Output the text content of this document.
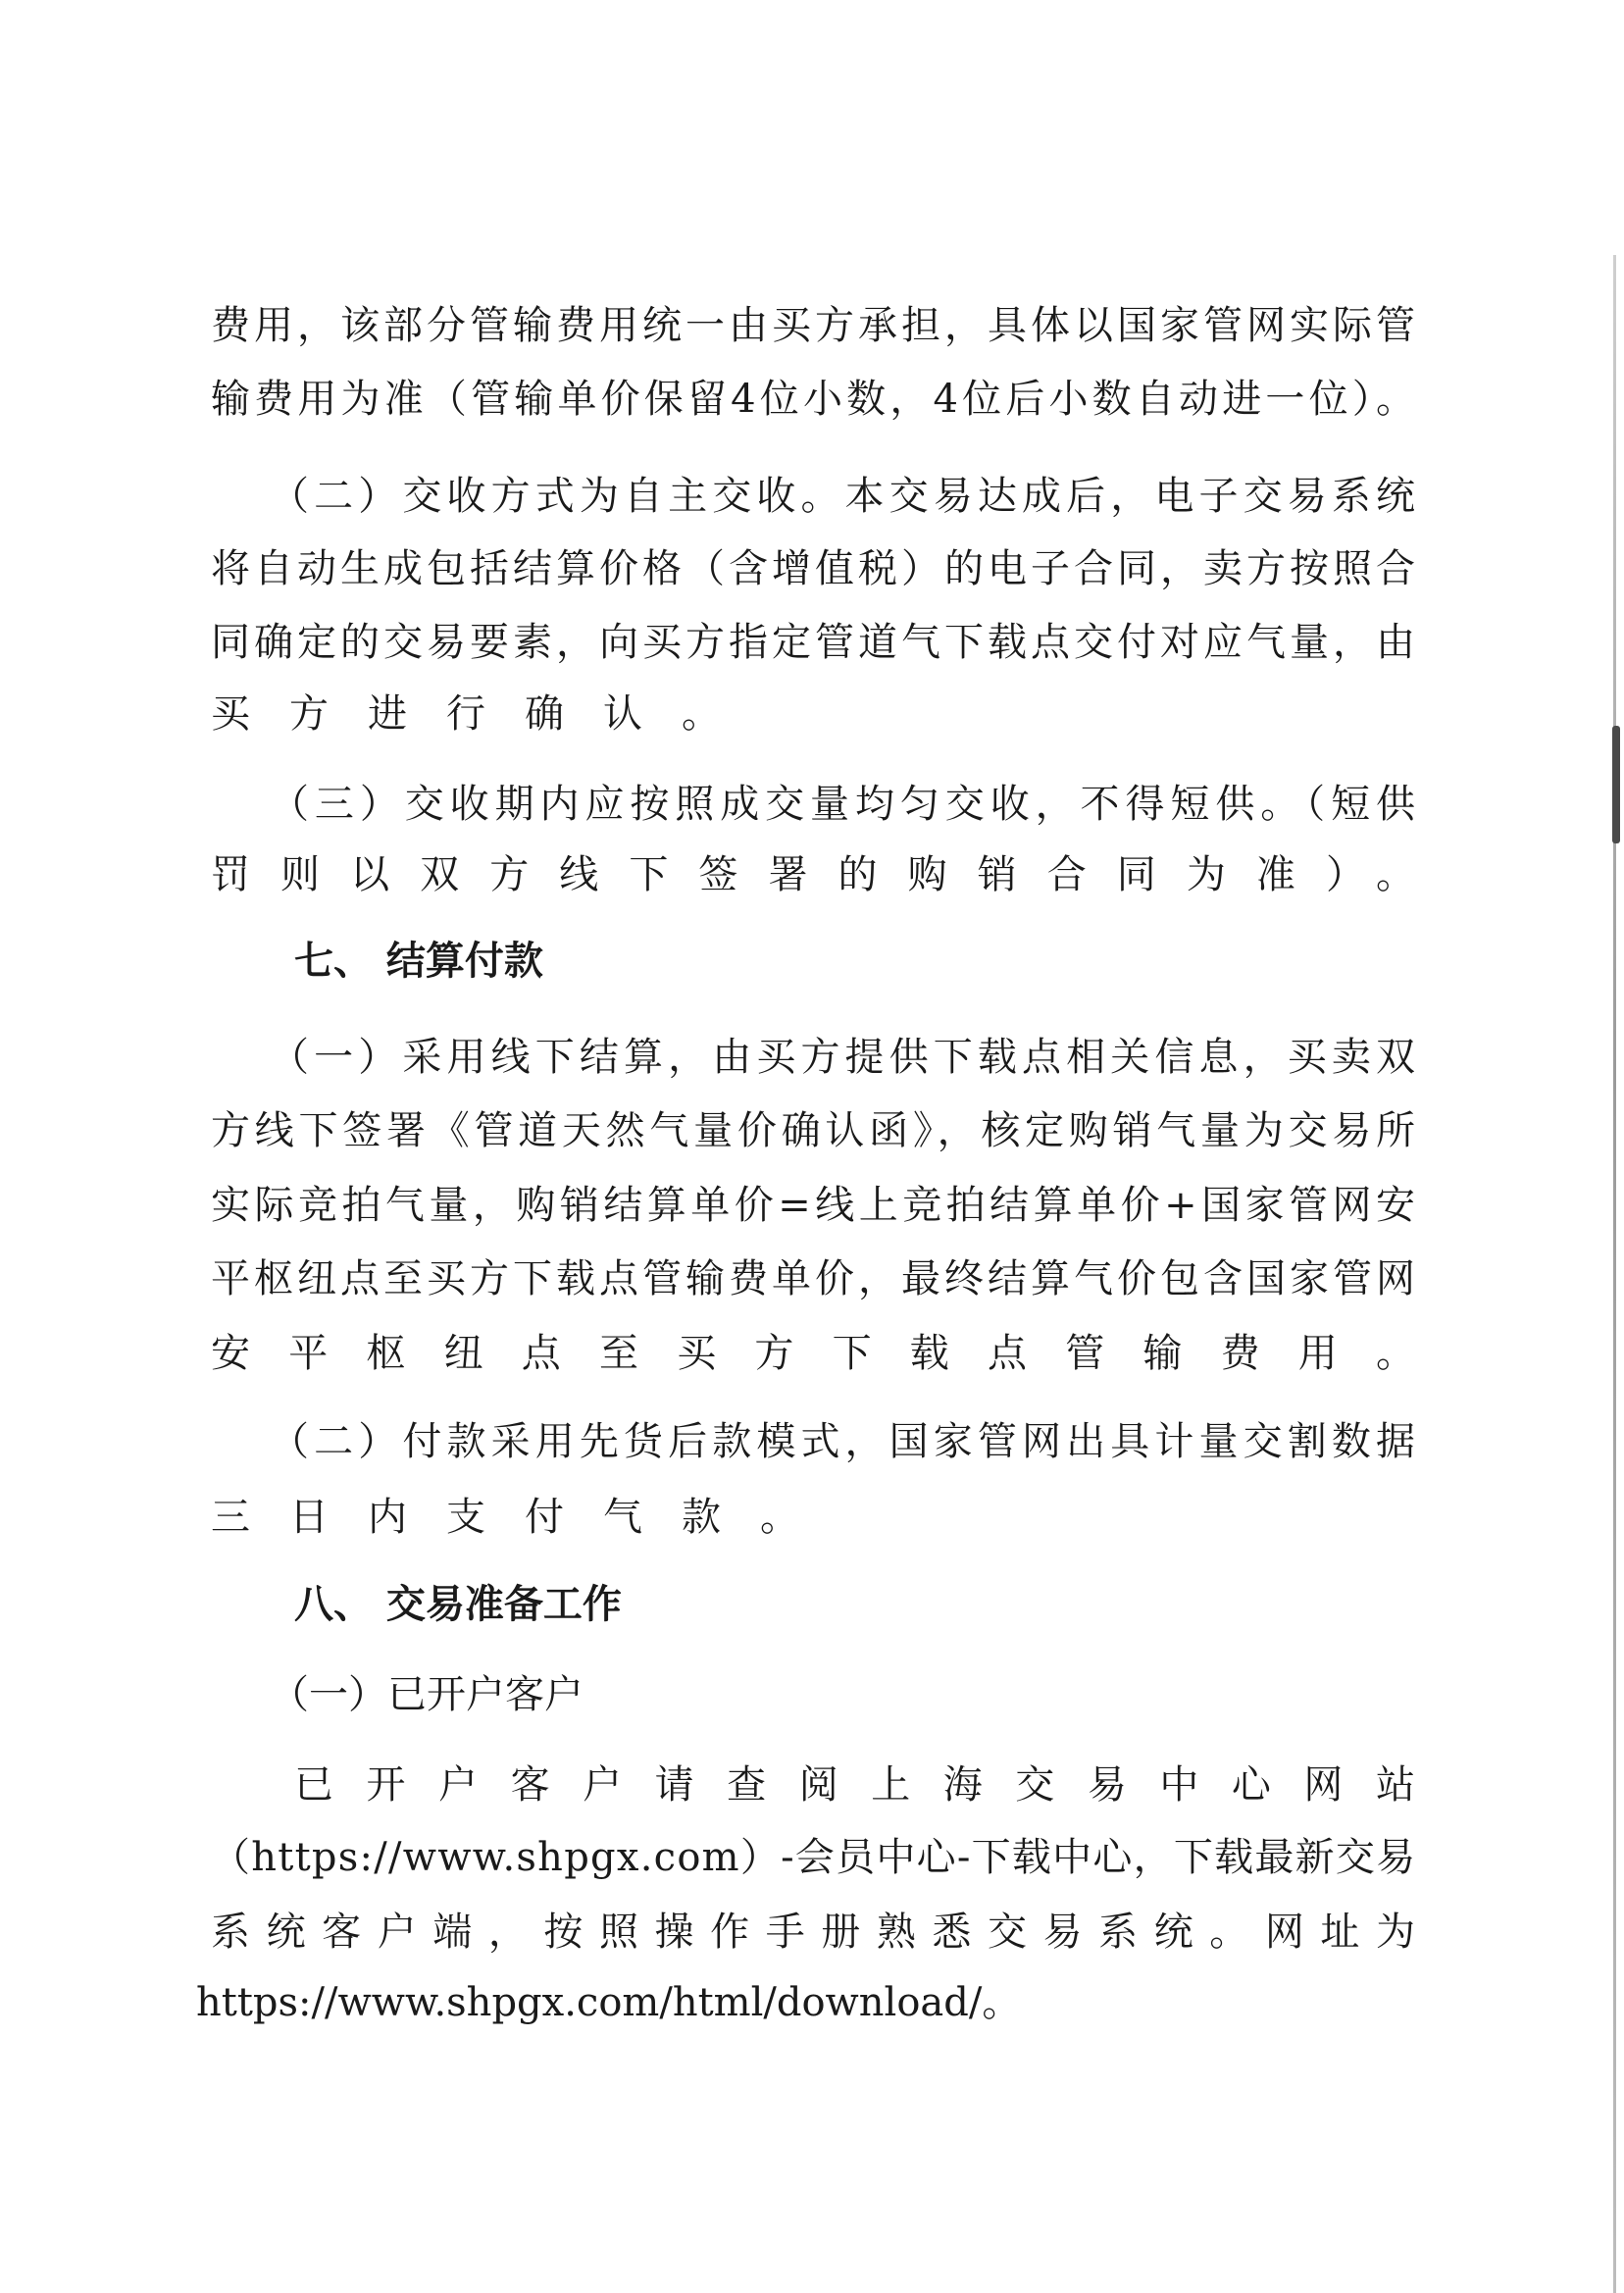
费用，该部分管输费用统一由买方承担，具体以国家管网实际管
输费用为准（管输单价保留4位小数，4位后小数自动进一位）。
（二）交收方式为自主交收。本交易达成后，电子交易系统
将自动生成包括结算价格（含增值税）的电子合同，卖方按照合
同确定的交易要素，向买方指定管道气下载点交付对应气量，由
买方进行确认。
（三）交收期内应按照成交量均匀交收，不得短供。（短供
罚则以双方线下签署的购销合同为准）。
七、 结算付款
（一）采用线下结算，由买方提供下载点相关信息，买卖双
方线下签署《管道天然气量价确认函》，核定购销气量为交易所
实际竞拍气量，购销结算单价=线上竞拍结算单价+国家管网安
平枢纽点至买方下载点管输费单价，最终结算气价包含国家管网
安平枢纽点至买方下载点管输费用。
（二）付款采用先货后款模式，国家管网出具计量交割数据
三日内支付气款。
八、 交易准备工作
（一）已开户客户
已开户客户请查阅上海交易中心网站
（https://www.shpgx.com）-会员中心-下载中心，下载最新交易
系统客户端，按照操作手册熟悉交易系统。网址为
https://www.shpgx.com/html/download/。
